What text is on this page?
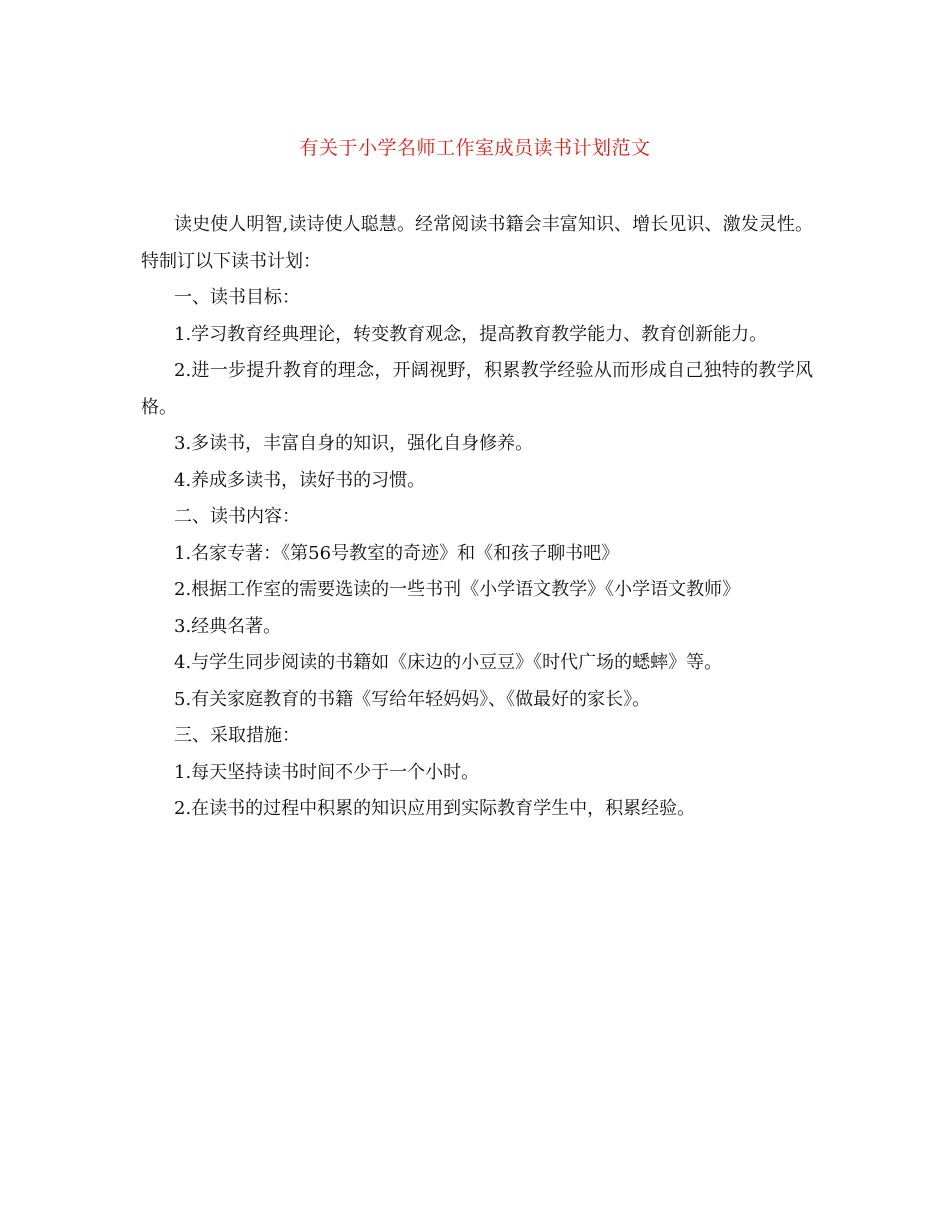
有关于小学名师工作室成员读书计划范文

读史使人明智,读诗使人聪慧。经常阅读书籍会丰富知识、增长见识、激发灵性。特制订以下读书计划：

一、读书目标：

1.学习教育经典理论，转变教育观念，提高教育教学能力、教育创新能力。

2.进一步提升教育的理念，开阔视野，积累教学经验从而形成自己独特的教学风格。

3.多读书，丰富自身的知识，强化自身修养。

4.养成多读书，读好书的习惯。

二、读书内容：

1.名家专著：《第56号教室的奇迹》和《和孩子聊书吧》

2.根据工作室的需要选读的一些书刊《小学语文教学》《小学语文教师》

3.经典名著。

4.与学生同步阅读的书籍如《床边的小豆豆》《时代广场的蟋蟀》等。

5.有关家庭教育的书籍《写给年轻妈妈》、《做最好的家长》。

三、采取措施：

1.每天坚持读书时间不少于一个小时。

2.在读书的过程中积累的知识应用到实际教育学生中，积累经验。
